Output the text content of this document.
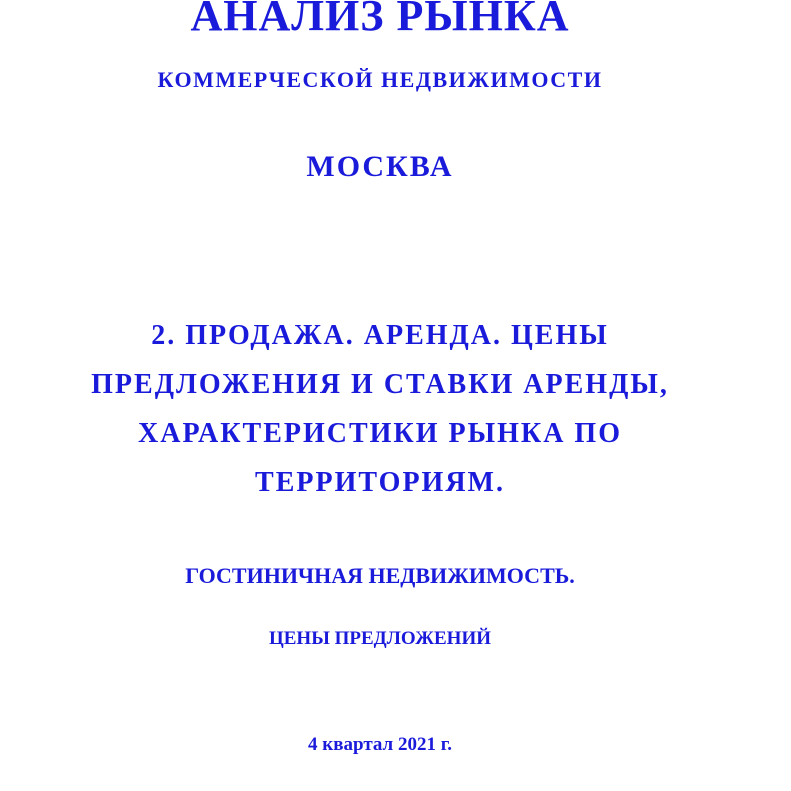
АНАЛИЗ РЫНКА
КОММЕРЧЕСКОЙ НЕДВИЖИМОСТИ
МОСКВА
2. ПРОДАЖА. АРЕНДА. ЦЕНЫ
ПРЕДЛОЖЕНИЯ И СТАВКИ АРЕНДЫ,
ХАРАКТЕРИСТИКИ РЫНКА ПО
ТЕРРИТОРИЯМ.
ГОСТИНИЧНАЯ НЕДВИЖИМОСТЬ.
ЦЕНЫ ПРЕДЛОЖЕНИЙ
4 квартал 2021 г.
